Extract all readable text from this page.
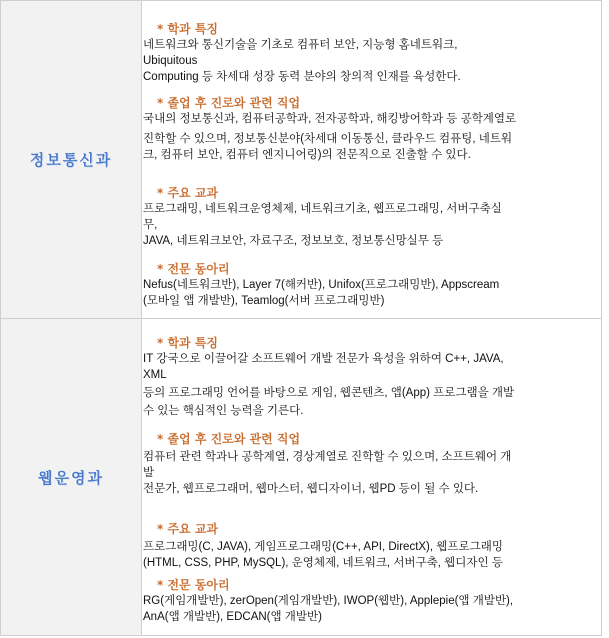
정보통신과
* 학과 특징
네트워크와 통신기술을 기초로 컴퓨터 보안, 지능형 홈네트워크,
Ubiquitous
Computing 등 차세대 성장 동력 분야의 창의적 인재를 육성한다.
* 졸업 후 진로와 관련 직업
국내의 정보통신과, 컴퓨터공학과, 전자공학과, 해킹방어학과 등 공학계열로
진학할 수 있으며, 정보통신분야(차세대 이동통신, 클라우드 컴퓨팅, 네트워
크, 컴퓨터 보안, 컴퓨터 엔지니어링)의 전문직으로 진출할 수 있다.
* 주요 교과
프로그래밍, 네트워크운영체제, 네트워크기초, 웹프로그래밍, 서버구축실
무,
JAVA, 네트워크보안, 자료구조, 정보보호, 정보통신망실무 등
* 전문 동아리
Nefus(네트워크반), Layer 7(해커반), Unifox(프로그래밍반), Appscream
(모바일 앱 개발반), Teamlog(서버 프로그래밍반)
웹운영과
* 학과 특징
IT 강국으로 이끌어갈 소프트웨어 개발 전문가 육성을 위하여 C++, JAVA,
XML
등의 프로그래밍 언어를 바탕으로 게임, 웹콘텐츠, 앱(App) 프로그램을 개발
수 있는 핵심적인 능력을 기른다.
* 졸업 후 진로와 관련 직업
컴퓨터 관련 학과나 공학계열, 경상계열로 진학할 수 있으며, 소프트웨어 개
발
전문가, 웹프로그래머, 웹마스터, 웹디자이너, 웹PD 등이 될 수 있다.
* 주요 교과
프로그래밍(C, JAVA), 게임프로그래밍(C++, API, DirectX), 웹프로그래밍
(HTML, CSS, PHP, MySQL), 운영체제, 네트워크, 서버구축, 웹디자인 등
* 전문 동아리
RG(게임개발반), zerOpen(게임개발반), IWOP(웹반), Applepie(앱 개발반),
AnA(앱 개발반), EDCAN(앱 개발반)
